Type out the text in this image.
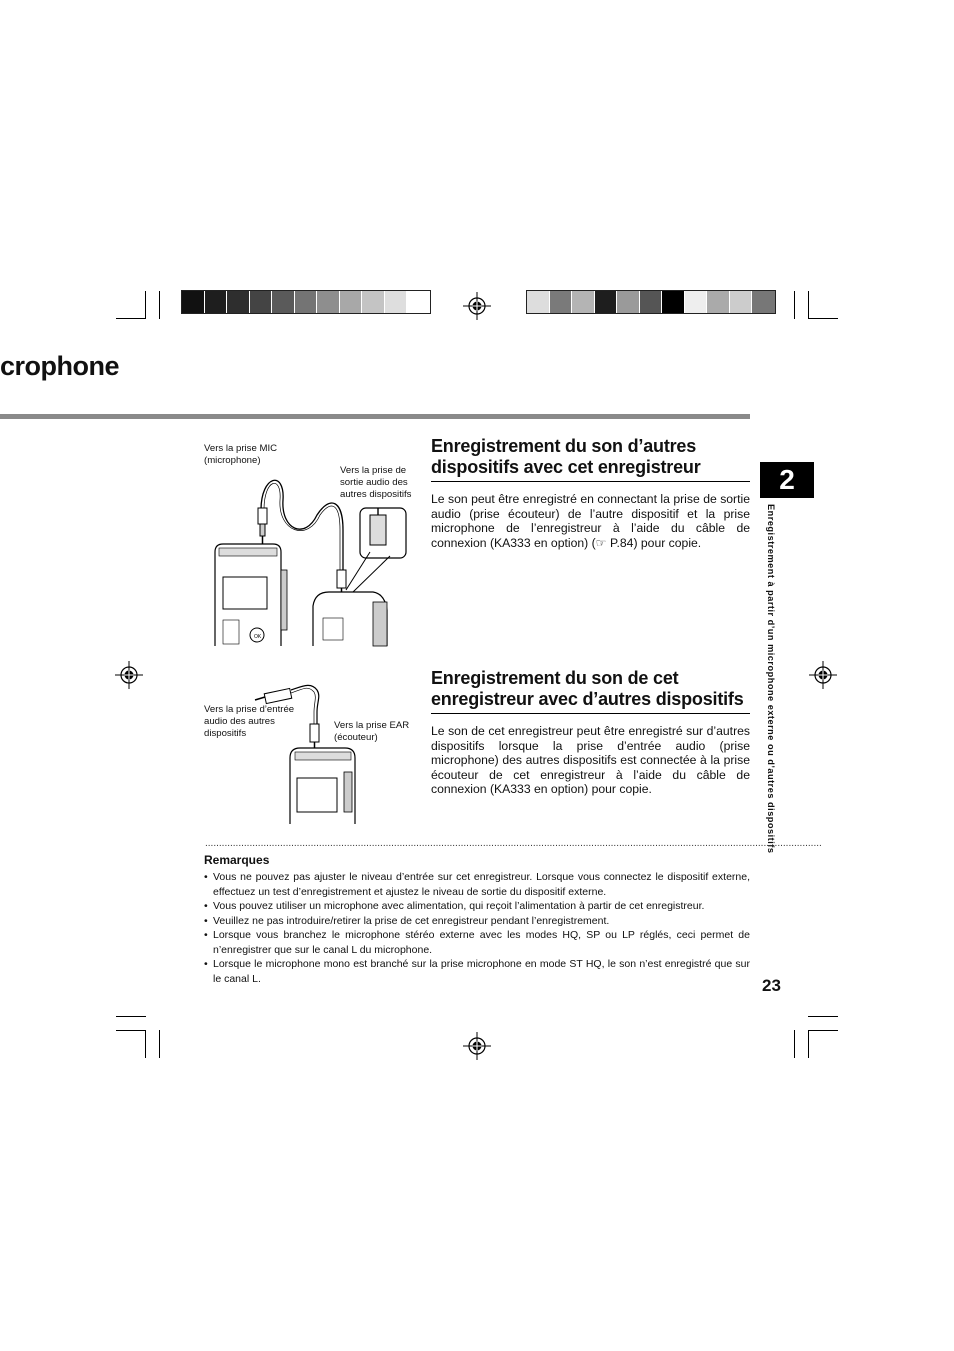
crophone
2
Enregistrement à partir d’un microphone externe ou d’autres dispositifs
OK
Vers la prise MIC (microphone)
Vers la prise de sortie audio des autres dispositifs
Enregistrement du son d’autres dispositifs avec cet enregistreur
Le son peut être enregistré en connectant la prise de sortie audio (prise écouteur) de l’autre dispositif et la prise microphone de l’enregistreur à l’aide du câble de connexion (KA333 en option) (☞ P.84) pour copie.
Vers la prise d’entrée audio des autres dispositifs
Vers la prise EAR (écouteur)
Enregistrement du son de cet enregistreur avec d’autres dispositifs
Le son de cet enregistreur peut être enregistré sur d’autres dispositifs lorsque la prise d’entrée audio (prise microphone) des autres dispositifs est connectée à la prise écouteur de cet enregistreur à l’aide du câble de connexion (KA333 en option) pour copie.
..............................................................................................................................................................................................................................
Remarques
• Vous ne pouvez pas ajuster le niveau d’entrée sur cet enregistreur. Lorsque vous connectez le dispositif externe, effectuez un test d’enregistrement et ajustez le niveau de sortie du dispositif externe.
• Vous pouvez utiliser un microphone avec alimentation, qui reçoit l’alimentation à partir de cet enregistreur.
• Veuillez ne pas introduire/retirer la prise de cet enregistreur pendant l’enregistrement.
• Lorsque vous branchez le microphone stéréo externe avec les modes HQ, SP ou LP réglés, ceci permet de n’enregistrer que sur le canal L du microphone.
• Lorsque le microphone mono est branché sur la prise microphone en mode ST HQ, le son n’est enregistré que sur le canal L.	23
